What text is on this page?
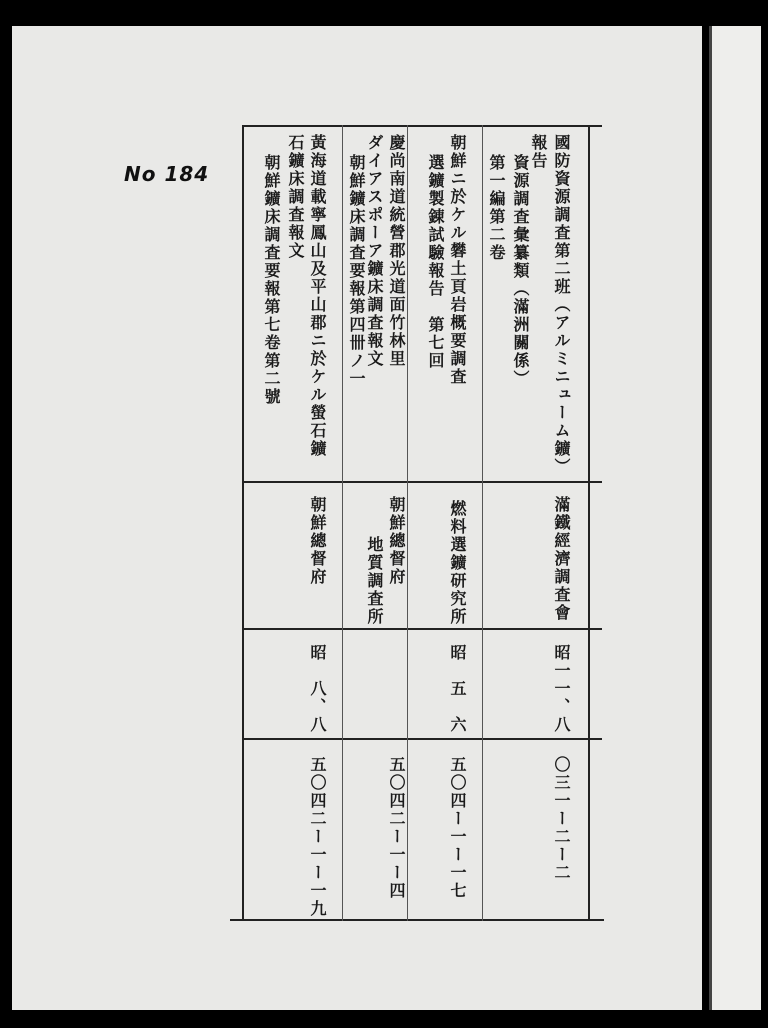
No 184	國防資源調査第二班（アルミニューム鑛）
報告
資源調査彙纂類（滿洲關係）
第一編第二卷
滿鐵經濟調査會
昭一一、八
〇三一ー二ー二
朝鮮ニ於ケル礬土頁岩概要調査
選鑛製錬試驗報告　第七回
燃料選鑛研究所
昭　五　六
五〇四ー一ー一七
慶尚南道統營郡光道面竹林里
ダイアスポーア鑛床調査報文
朝鮮鑛床調査要報第四卌ノ一
朝鮮總督府
地質調査所
五〇四二ー一ー四
黃海道載寧鳳山及平山郡ニ於ケル螢石鑛
石鑛床調査報文
朝鮮鑛床調査要報第七卷第二號
朝鮮總督府
昭　八、八
五〇四二ー一ー一九
